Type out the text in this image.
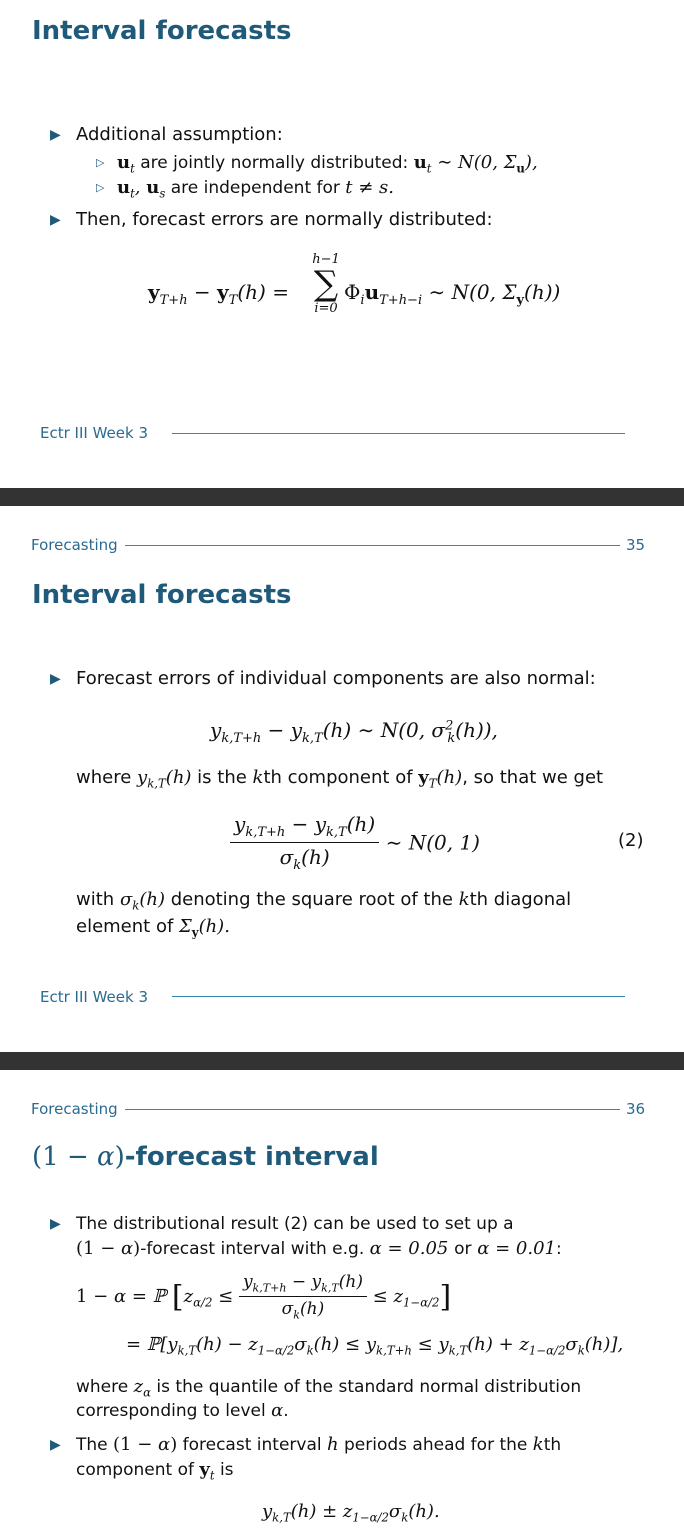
Interval forecasts
▶ Additional assumption:
▷ $u_t$ are jointly normally distributed: $u_t$ ∼ N(0, $\Sigma_u$),
▷ $u_t$, $u_s$ are independent for t ≠ s.
▶ Then, forecast errors are normally distributed:
$y_{T+h} - y_T(h)$ =
h−1
∑
i=0
$\Phi_iu_{T+h-i}$ ∼ N(0, $\Sigma_y(h)$)
Ectr III Week 3
Forecasting	35
Interval forecasts
▶ Forecast errors of individual components are also normal:
$y_{k,T+h} - y_{k,T}(h)$ ∼ N(0, $\sigma^2_k(h)$),
where $y_{k,T}(h)$ is the kth component of $y_T(h)$, so that we get
$\frac{y_{k,T+h} - y_{k,T}(h)}{\sigma_k(h)}$ ∼ N(0, 1)	(2)
with $\sigma_k(h)$ denoting the square root of the kth diagonal
element of $\Sigma_y(h)$.
Ectr III Week 3
Forecasting	36
(1 − α)-forecast interval
▶ The distributional result (2) can be used to set up a
(1 − α)-forecast interval with e.g. α = 0.05 or α = 0.01:
1 − α = ℙ $[z_{\alpha/2} \le \frac{y_{k,T+h} - y_{k,T}(h)}{\sigma_k(h)} \le z_{1-\alpha/2}]$
= $ℙ[y_{k,T}(h) - z_{1-\alpha/2}\sigma_k(h) \le y_{k,T+h} \le y_{k,T}(h) + z_{1-\alpha/2}\sigma_k(h)]$,
where $z_\alpha$ is the quantile of the standard normal distribution
corresponding to level α.
▶ The (1 − α) forecast interval h periods ahead for the kth
component of $y_t$ is
$y_{k,T}(h) \pm z_{1-\alpha/2}\sigma_k(h)$.
